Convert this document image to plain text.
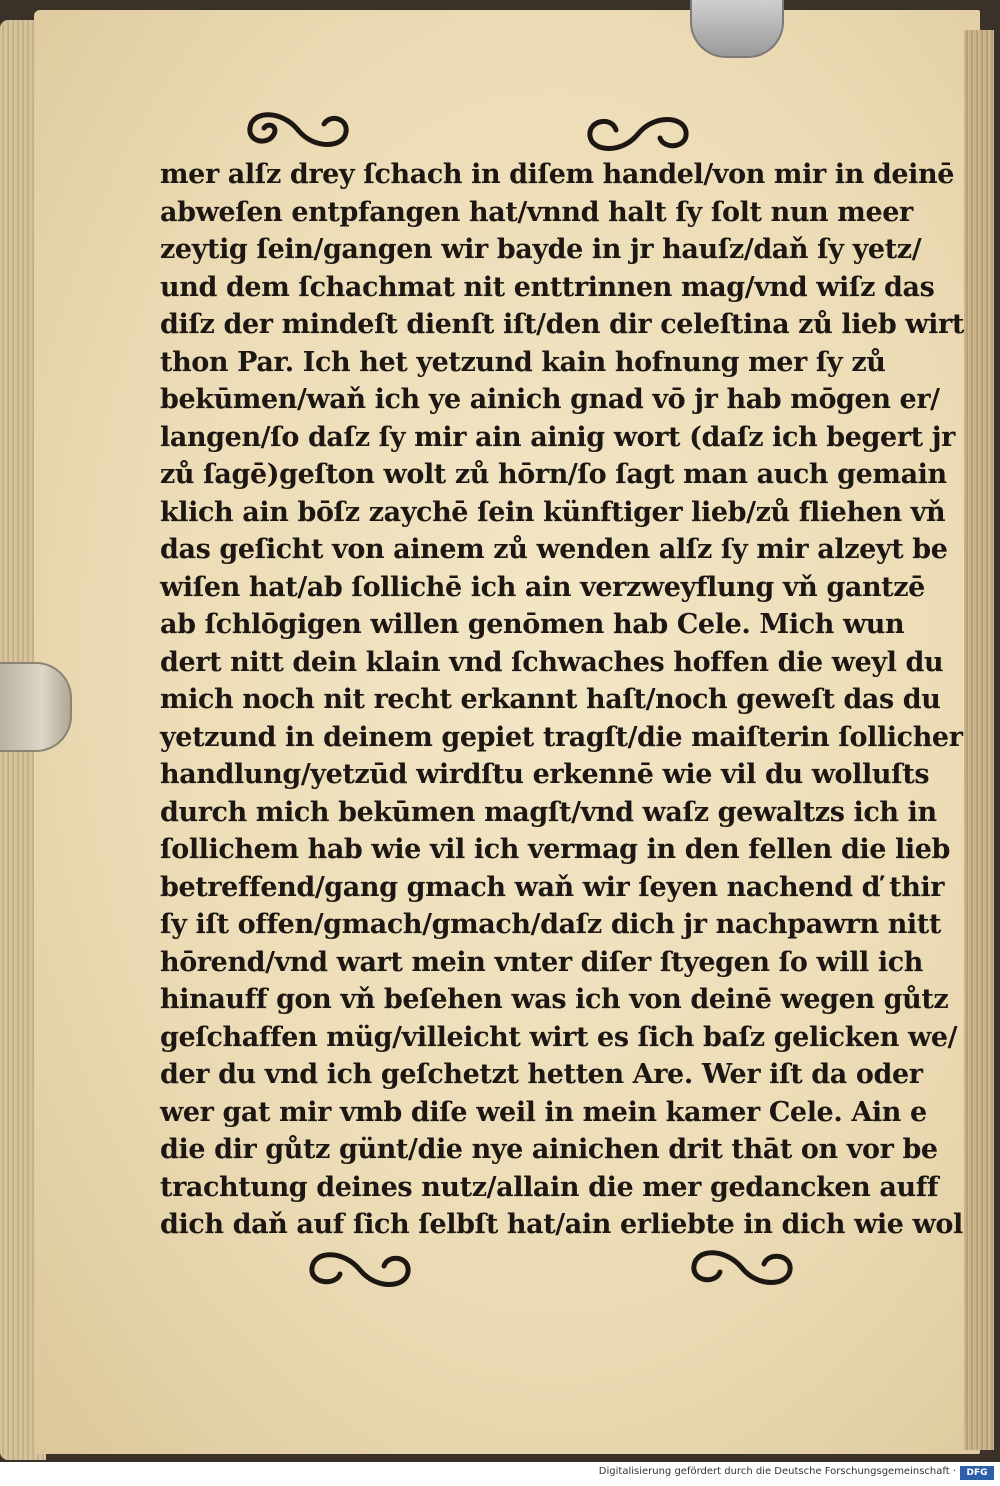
mer alſz drey ſchach in diſem handel/von mir in deinē
abweſen entpfangen hat/vnnd halt ſy ſolt nun meer
zeytig ſein/gangen wir bayde in jr hauſz/daň ſy yetz/
und dem ſchachmat nit enttrinnen mag/vnd wiſz das
diſz der mindeſt dienſt iſt/den dir celeſtina zů lieb wirt
thon Par. Ich het yetzund kain hofnung mer ſy zů
bekūmen/waň ich ye ainich gnad vō jr hab mōgen er/
langen/ſo daſz ſy mir ain ainig wort (daſz ich begert jr
zů ſagē)geſton wolt zů hōrn/ſo ſagt man auch gemain
klich ain bōſz zaychē ſein künftiger lieb/zů fliehen vň
das geſicht von ainem zů wenden alſz ſy mir alzeyt be
wiſen hat/ab ſollichē ich ain verzweyflung vň gantzē
ab ſchlōgigen willen genōmen hab Cele. Mich wun
dert nitt dein klain vnd ſchwaches hoffen die weyl du
mich noch nit recht erkannt haſt/noch geweſt das du
yetzund in deinem gepiet tragſt/die maiſterin ſollicher
handlung/yetzūd wirdſtu erkennē wie vil du wolluſts
durch mich bekūmen magſt/vnd waſz gewaltzs ich in
ſollichem hab wie vil ich vermag in den fellen die lieb
betreffend/gang gmach waň wir ſeyen nachend ď thir
ſy iſt offen/gmach/gmach/daſz dich jr nachpawrn nitt
hōrend/vnd wart mein vnter diſer ſtyegen ſo will ich
hinauff gon vň beſehen was ich von deinē wegen gůtz
geſchaffen müg/villeicht wirt es ſich baſz gelicken we/
der du vnd ich geſchetzt hetten Are. Wer iſt da oder
wer gat mir vmb diſe weil in mein kamer Cele. Ain e
die dir gůtz günt/die nye ainichen drit thāt on vor be
trachtung deines nutz/allain die mer gedancken auff
dich daň auf ſich ſelbſt hat/ain erliebte in dich wie wol
Digitalisierung gefördert durch die Deutsche Forschungsgemeinschaft ·	DFG
